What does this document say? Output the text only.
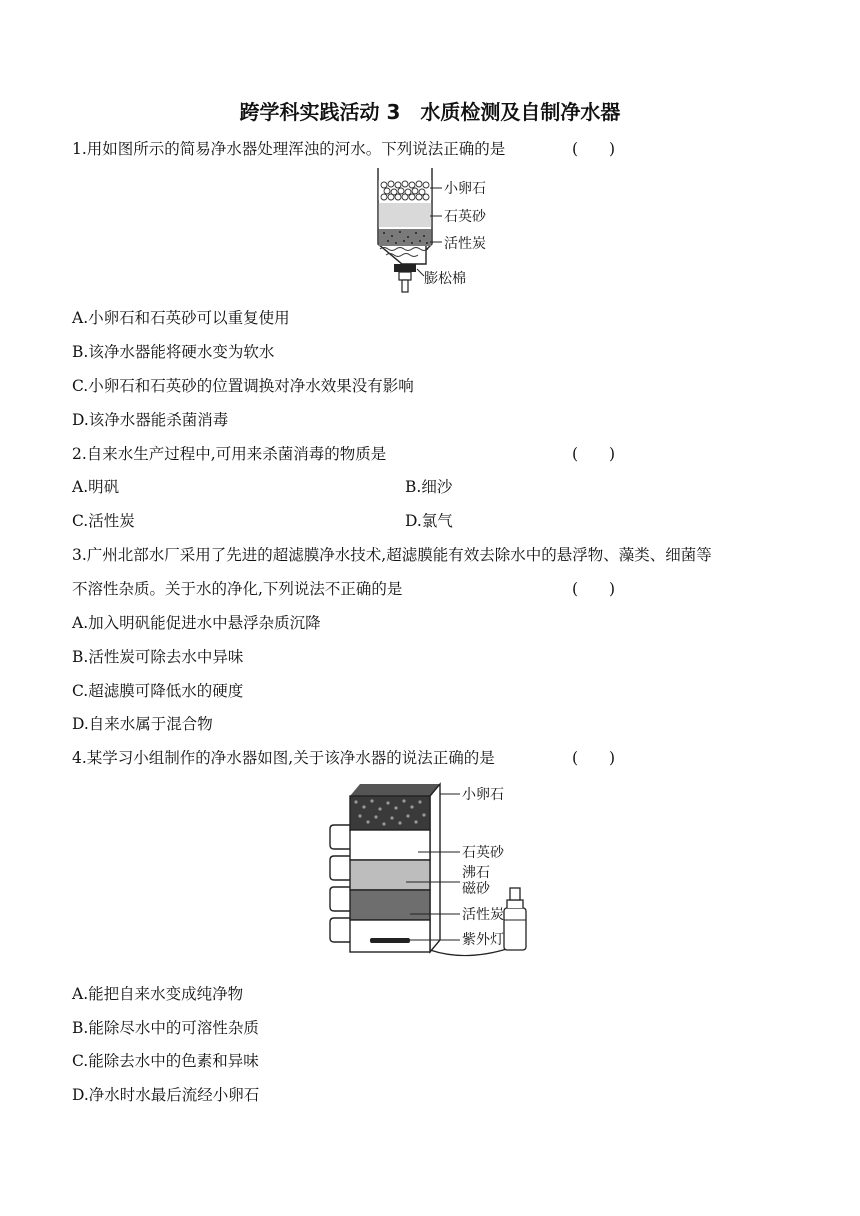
跨学科实践活动 3　水质检测及自制净水器
1.用如图所示的简易净水器处理浑浊的河水。下列说法正确的是	(　　)
小卵石
石英砂
活性炭
膨松棉
A.小卵石和石英砂可以重复使用
B.该净水器能将硬水变为软水
C.小卵石和石英砂的位置调换对净水效果没有影响
D.该净水器能杀菌消毒
2.自来水生产过程中,可用来杀菌消毒的物质是	(　　)
A.明矾	B.细沙
C.活性炭	D.氯气
3.广州北部水厂采用了先进的超滤膜净水技术,超滤膜能有效去除水中的悬浮物、藻类、细菌等
不溶性杂质。关于水的净化,下列说法不正确的是	(　　)
A.加入明矾能促进水中悬浮杂质沉降
B.活性炭可除去水中异味
C.超滤膜可降低水的硬度
D.自来水属于混合物
4.某学习小组制作的净水器如图,关于该净水器的说法正确的是	(　　)
小卵石
石英砂
沸石
磁砂
活性炭
紫外灯
A.能把自来水变成纯净物
B.能除尽水中的可溶性杂质
C.能除去水中的色素和异味
D.净水时水最后流经小卵石
